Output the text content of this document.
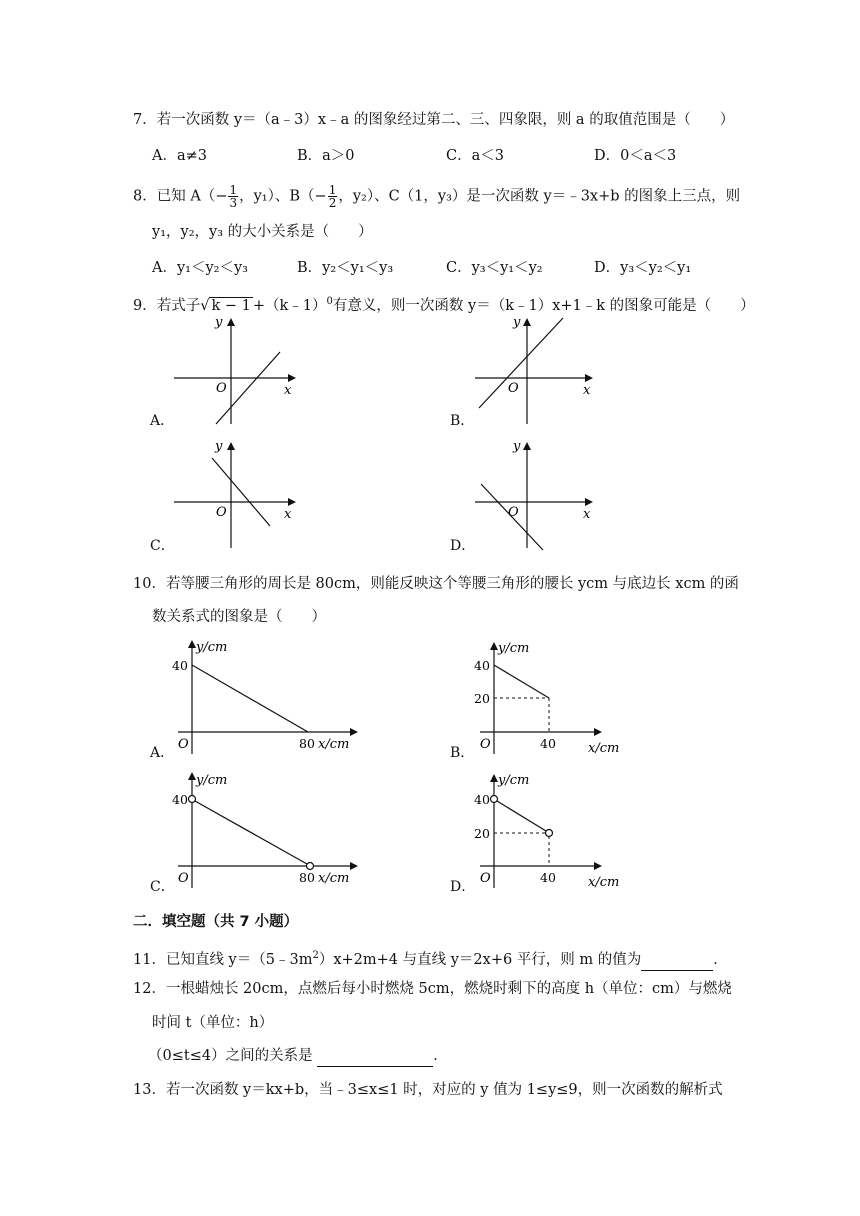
7．若一次函数 y＝（a﹣3）x﹣a 的图象经过第二、三、四象限，则 a 的取值范围是（　　）
A．a≠3	B．a＞0	C．a＜3	D．0＜a＜3
8．已知 $A(- \frac{1}{3}$ ，y₁）、$B(- \frac{1}{2}$ ，y₂）、C（1，y₃）是一次函数 y＝﹣3x+b 的图象上三点，则
y₁，y₂，y₃ 的大小关系是（　　）
A．y₁＜y₂＜y₃	B．y₂＜y₁＜y₃	C．y₃＜y₁＜y₂	D．y₃＜y₂＜y₁
9．若式子√ k − 1 +（k﹣1）$^0$有意义，则一次函数 y＝（k﹣1）x+1﹣k 的图象可能是（　　）
y
x
O
A．
y
x
O
B．
y
x
O
C．
y
x
O
D．
10．若等腰三角形的周长是 80cm，则能反映这个等腰三角形的腰长 ycm 与底边长 xcm 的函
数关系式的图象是（　　）
y/cm
40
O	80 x/cm
A．
y/cm
40
20
O	40 x/cm
B．
y/cm
40
O	80 x/cm
C．
y/cm
40
20
O	40 x/cm
D．
二．填空题（共 7 小题）
11．已知直线 $y=(5﹣3m^2)x+2m+4$ 与直线 y＝2x+6 平行，则 m 的值为	．
12．一根蜡烛长 20cm，点燃后每小时燃烧 5cm，燃烧时剩下的高度 h（单位：cm）与燃烧
时间 t（单位：h）
（0≤t≤4）之间的关系是	．
13．若一次函数 y＝kx+b，当﹣3≤x≤1 时，对应的 y 值为 1≤y≤9，则一次函数的解析式
